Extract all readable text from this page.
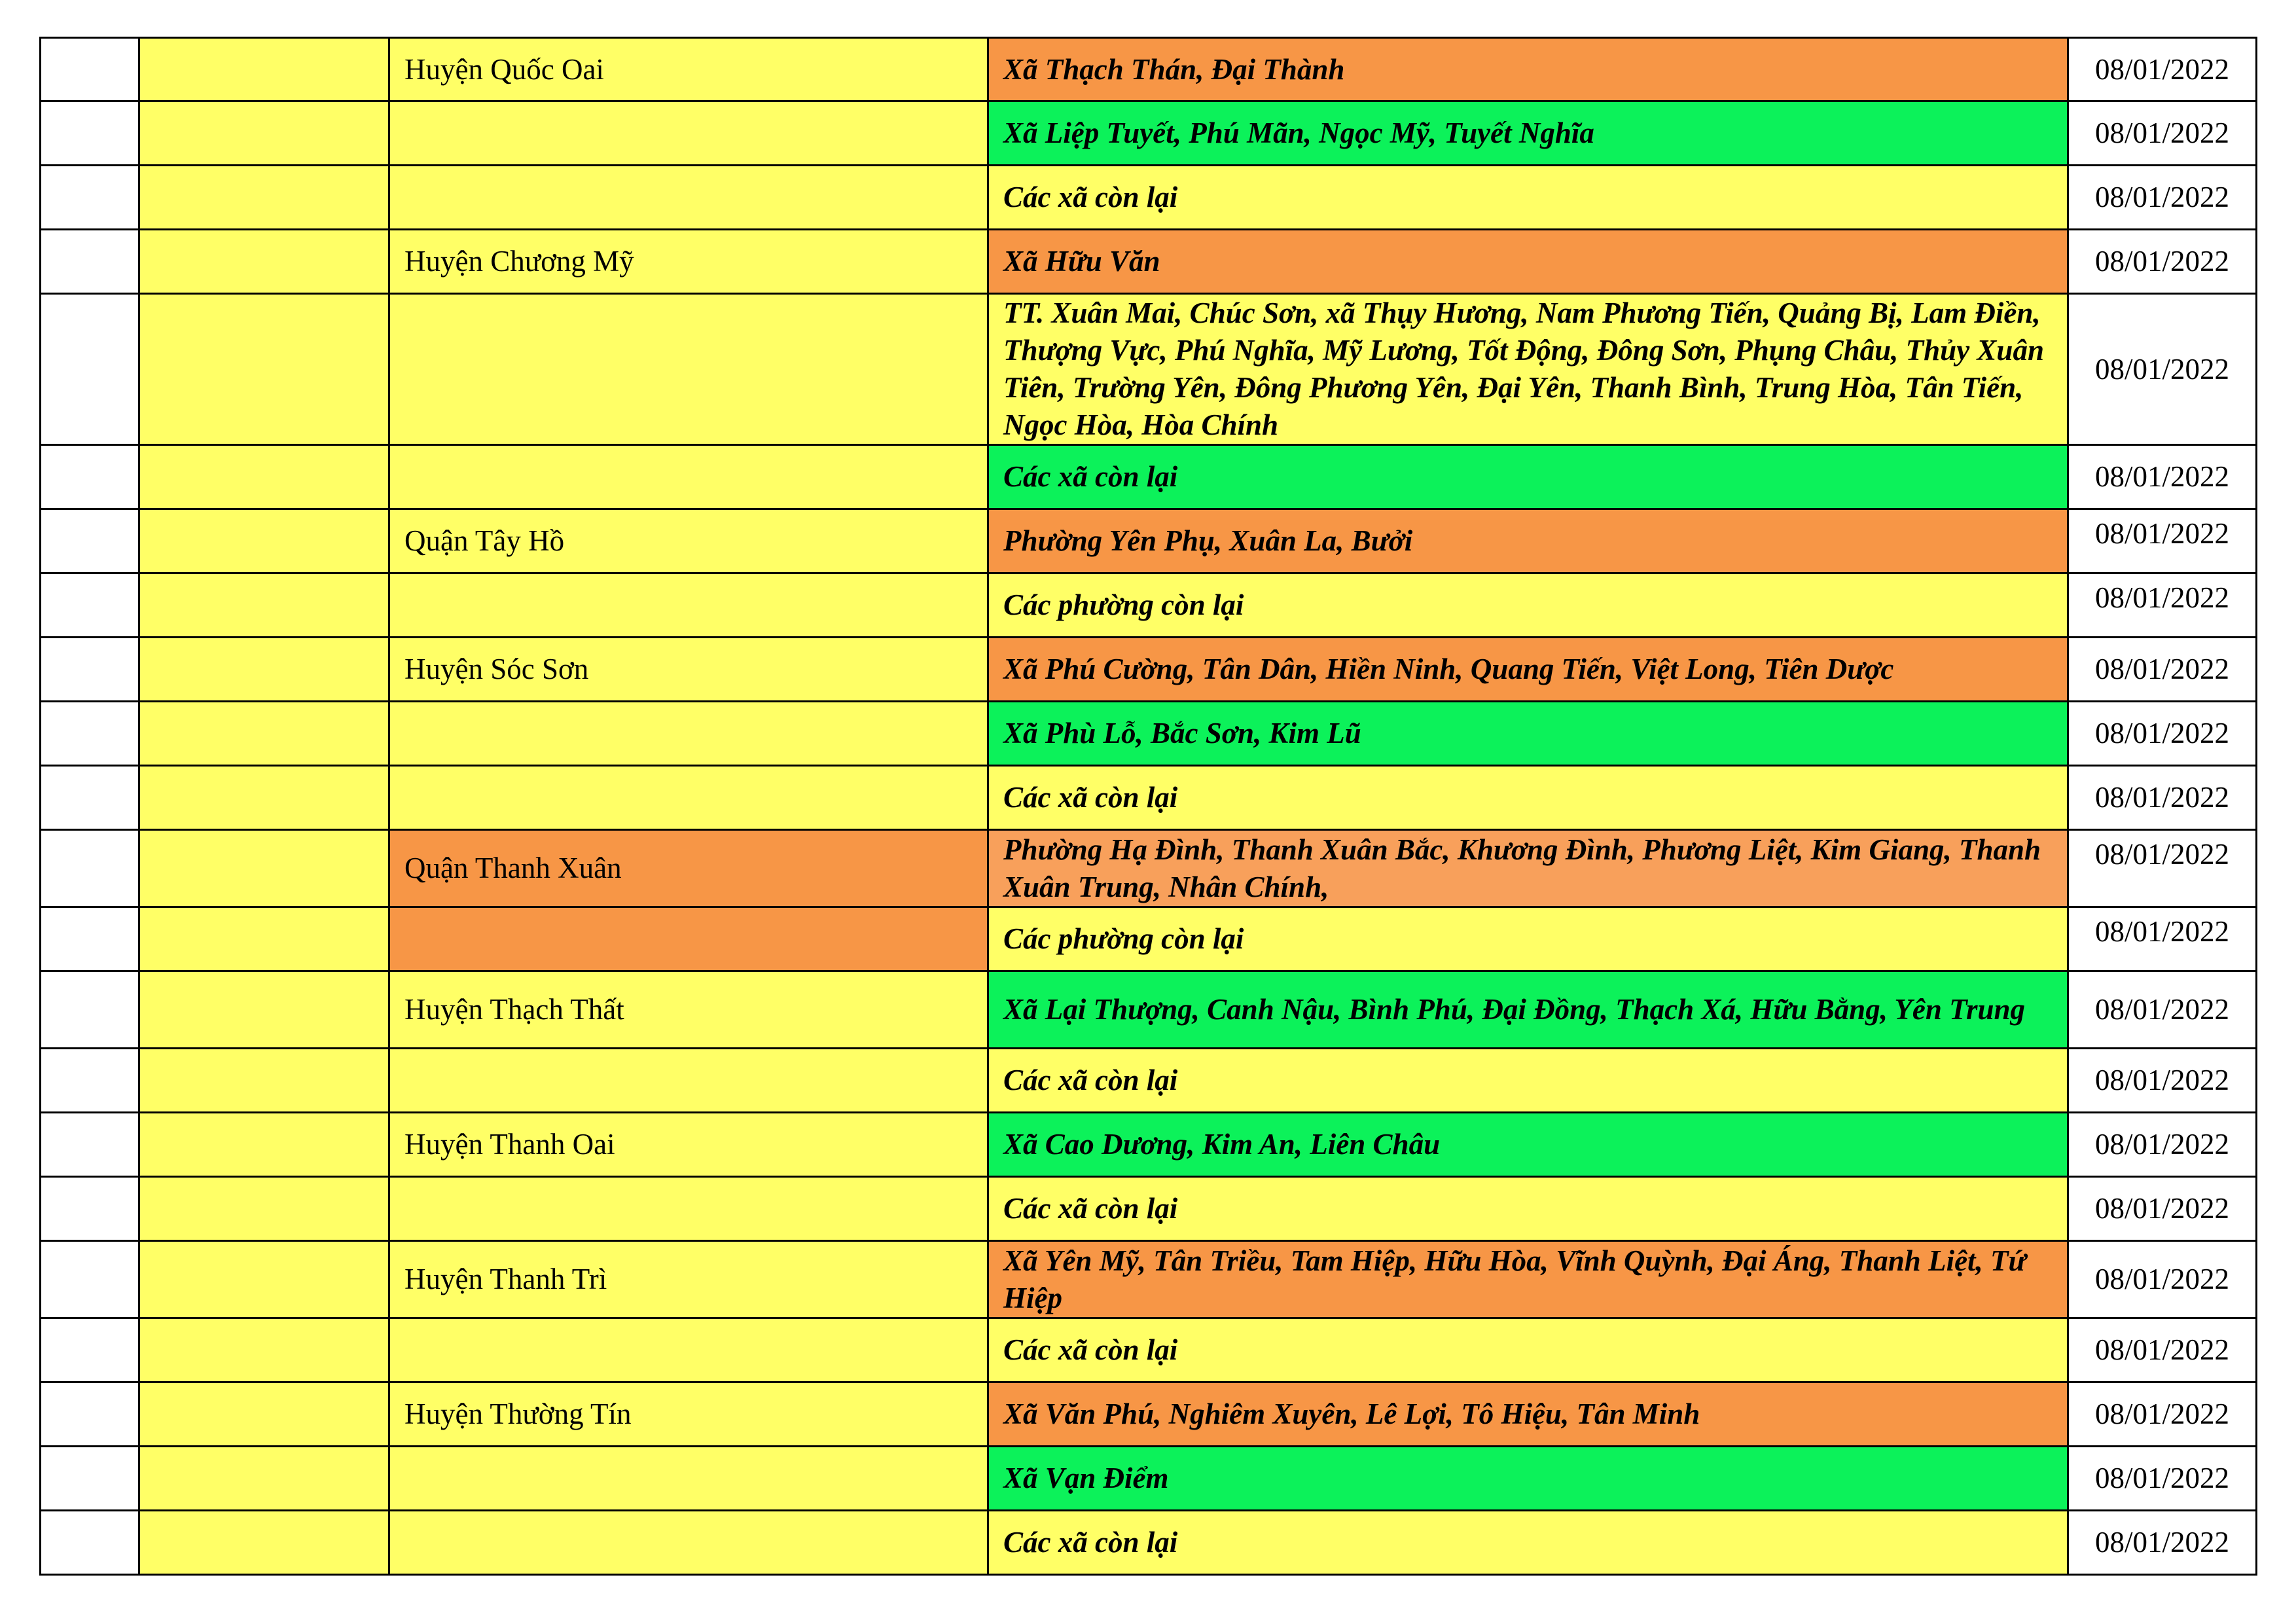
		Huyện Quốc Oai	Xã Thạch Thán, Đại Thành	08/01/2022
			Xã Liệp Tuyết, Phú Mãn, Ngọc Mỹ, Tuyết Nghĩa	08/01/2022
			Các xã còn lại	08/01/2022
		Huyện Chương Mỹ	Xã Hữu Văn	08/01/2022
			TT. Xuân Mai, Chúc Sơn, xã Thụy Hương, Nam Phương Tiến, Quảng Bị, Lam Điền, Thượng Vực, Phú Nghĩa, Mỹ Lương, Tốt Động, Đông Sơn, Phụng Châu, Thủy Xuân Tiên, Trường Yên, Đông Phương Yên, Đại Yên, Thanh Bình, Trung Hòa, Tân Tiến, Ngọc Hòa, Hòa Chính	08/01/2022
			Các xã còn lại	08/01/2022
		Quận Tây Hồ	Phường Yên Phụ, Xuân La, Bưởi	08/01/2022
			Các phường còn lại	08/01/2022
		Huyện Sóc Sơn	Xã Phú Cường, Tân Dân, Hiền Ninh, Quang Tiến, Việt Long, Tiên Dược	08/01/2022
			Xã Phù Lỗ, Bắc Sơn, Kim Lũ	08/01/2022
			Các xã còn lại	08/01/2022
		Quận Thanh Xuân	Phường Hạ Đình, Thanh Xuân Bắc, Khương Đình, Phương Liệt, Kim Giang, Thanh Xuân Trung, Nhân Chính,	08/01/2022
			Các phường còn lại	08/01/2022
		Huyện Thạch Thất	Xã Lại Thượng, Canh Nậu, Bình Phú, Đại Đồng, Thạch Xá, Hữu Bằng, Yên Trung	08/01/2022
			Các xã còn lại	08/01/2022
		Huyện Thanh Oai	Xã Cao Dương, Kim An, Liên Châu	08/01/2022
			Các xã còn lại	08/01/2022
		Huyện Thanh Trì	Xã Yên Mỹ, Tân Triều, Tam Hiệp, Hữu Hòa, Vĩnh Quỳnh, Đại Áng, Thanh Liệt, Tứ Hiệp	08/01/2022
			Các xã còn lại	08/01/2022
		Huyện Thường Tín	Xã Văn Phú, Nghiêm Xuyên, Lê Lợi, Tô Hiệu, Tân Minh	08/01/2022
			Xã Vạn Điểm	08/01/2022
			Các xã còn lại	08/01/2022
